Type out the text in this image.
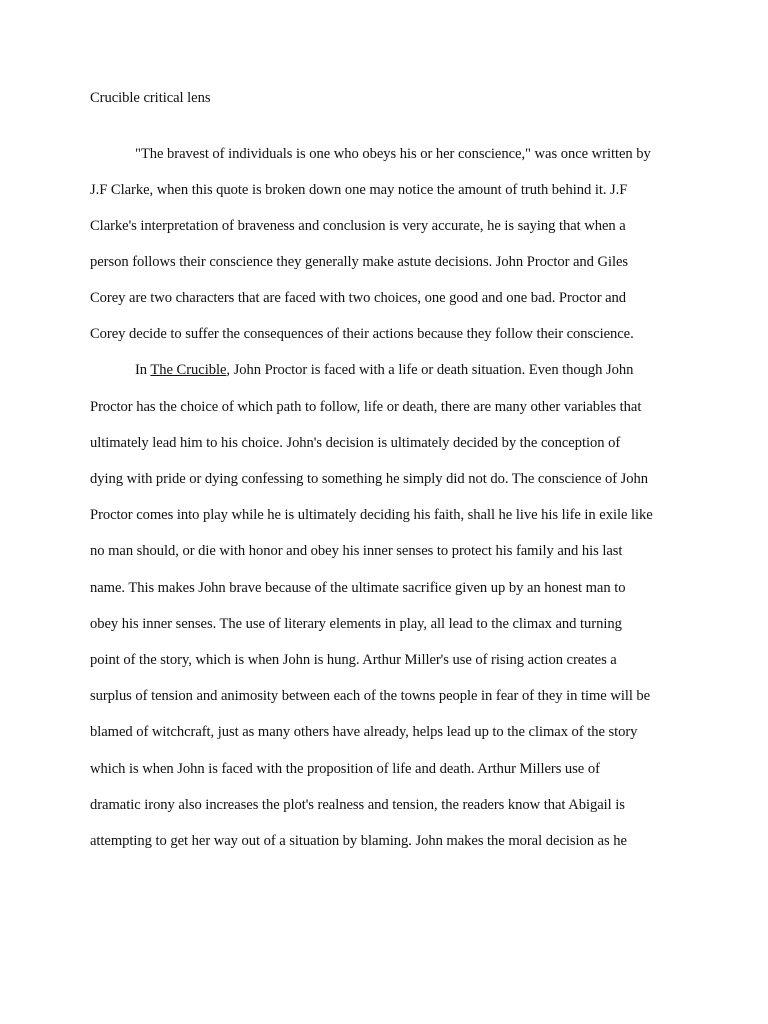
Crucible critical lens
"The bravest of individuals is one who obeys his or her conscience," was once written by
J.F Clarke, when this quote is broken down one may notice the amount of truth behind it. J.F
Clarke's interpretation of braveness and conclusion is very accurate, he is saying that when a
person follows their conscience they generally make astute decisions. John Proctor and Giles
Corey are two characters that are faced with two choices, one good and one bad. Proctor and
Corey decide to suffer the consequences of their actions because they follow their conscience.
In The Crucible, John Proctor is faced with a life or death situation. Even though John
Proctor has the choice of which path to follow, life or death, there are many other variables that
ultimately lead him to his choice. John's decision is ultimately decided by the conception of
dying with pride or dying confessing to something he simply did not do. The conscience of John
Proctor comes into play while he is ultimately deciding his faith, shall he live his life in exile like
no man should, or die with honor and obey his inner senses to protect his family and his last
name. This makes John brave because of the ultimate sacrifice given up by an honest man to
obey his inner senses. The use of literary elements in play, all lead to the climax and turning
point of the story, which is when John is hung. Arthur Miller's use of rising action creates a
surplus of tension and animosity between each of the towns people in fear of they in time will be
blamed of witchcraft, just as many others have already, helps lead up to the climax of the story
which is when John is faced with the proposition of life and death. Arthur Millers use of
dramatic irony also increases the plot's realness and tension, the readers know that Abigail is
attempting to get her way out of a situation by blaming. John makes the moral decision as he
